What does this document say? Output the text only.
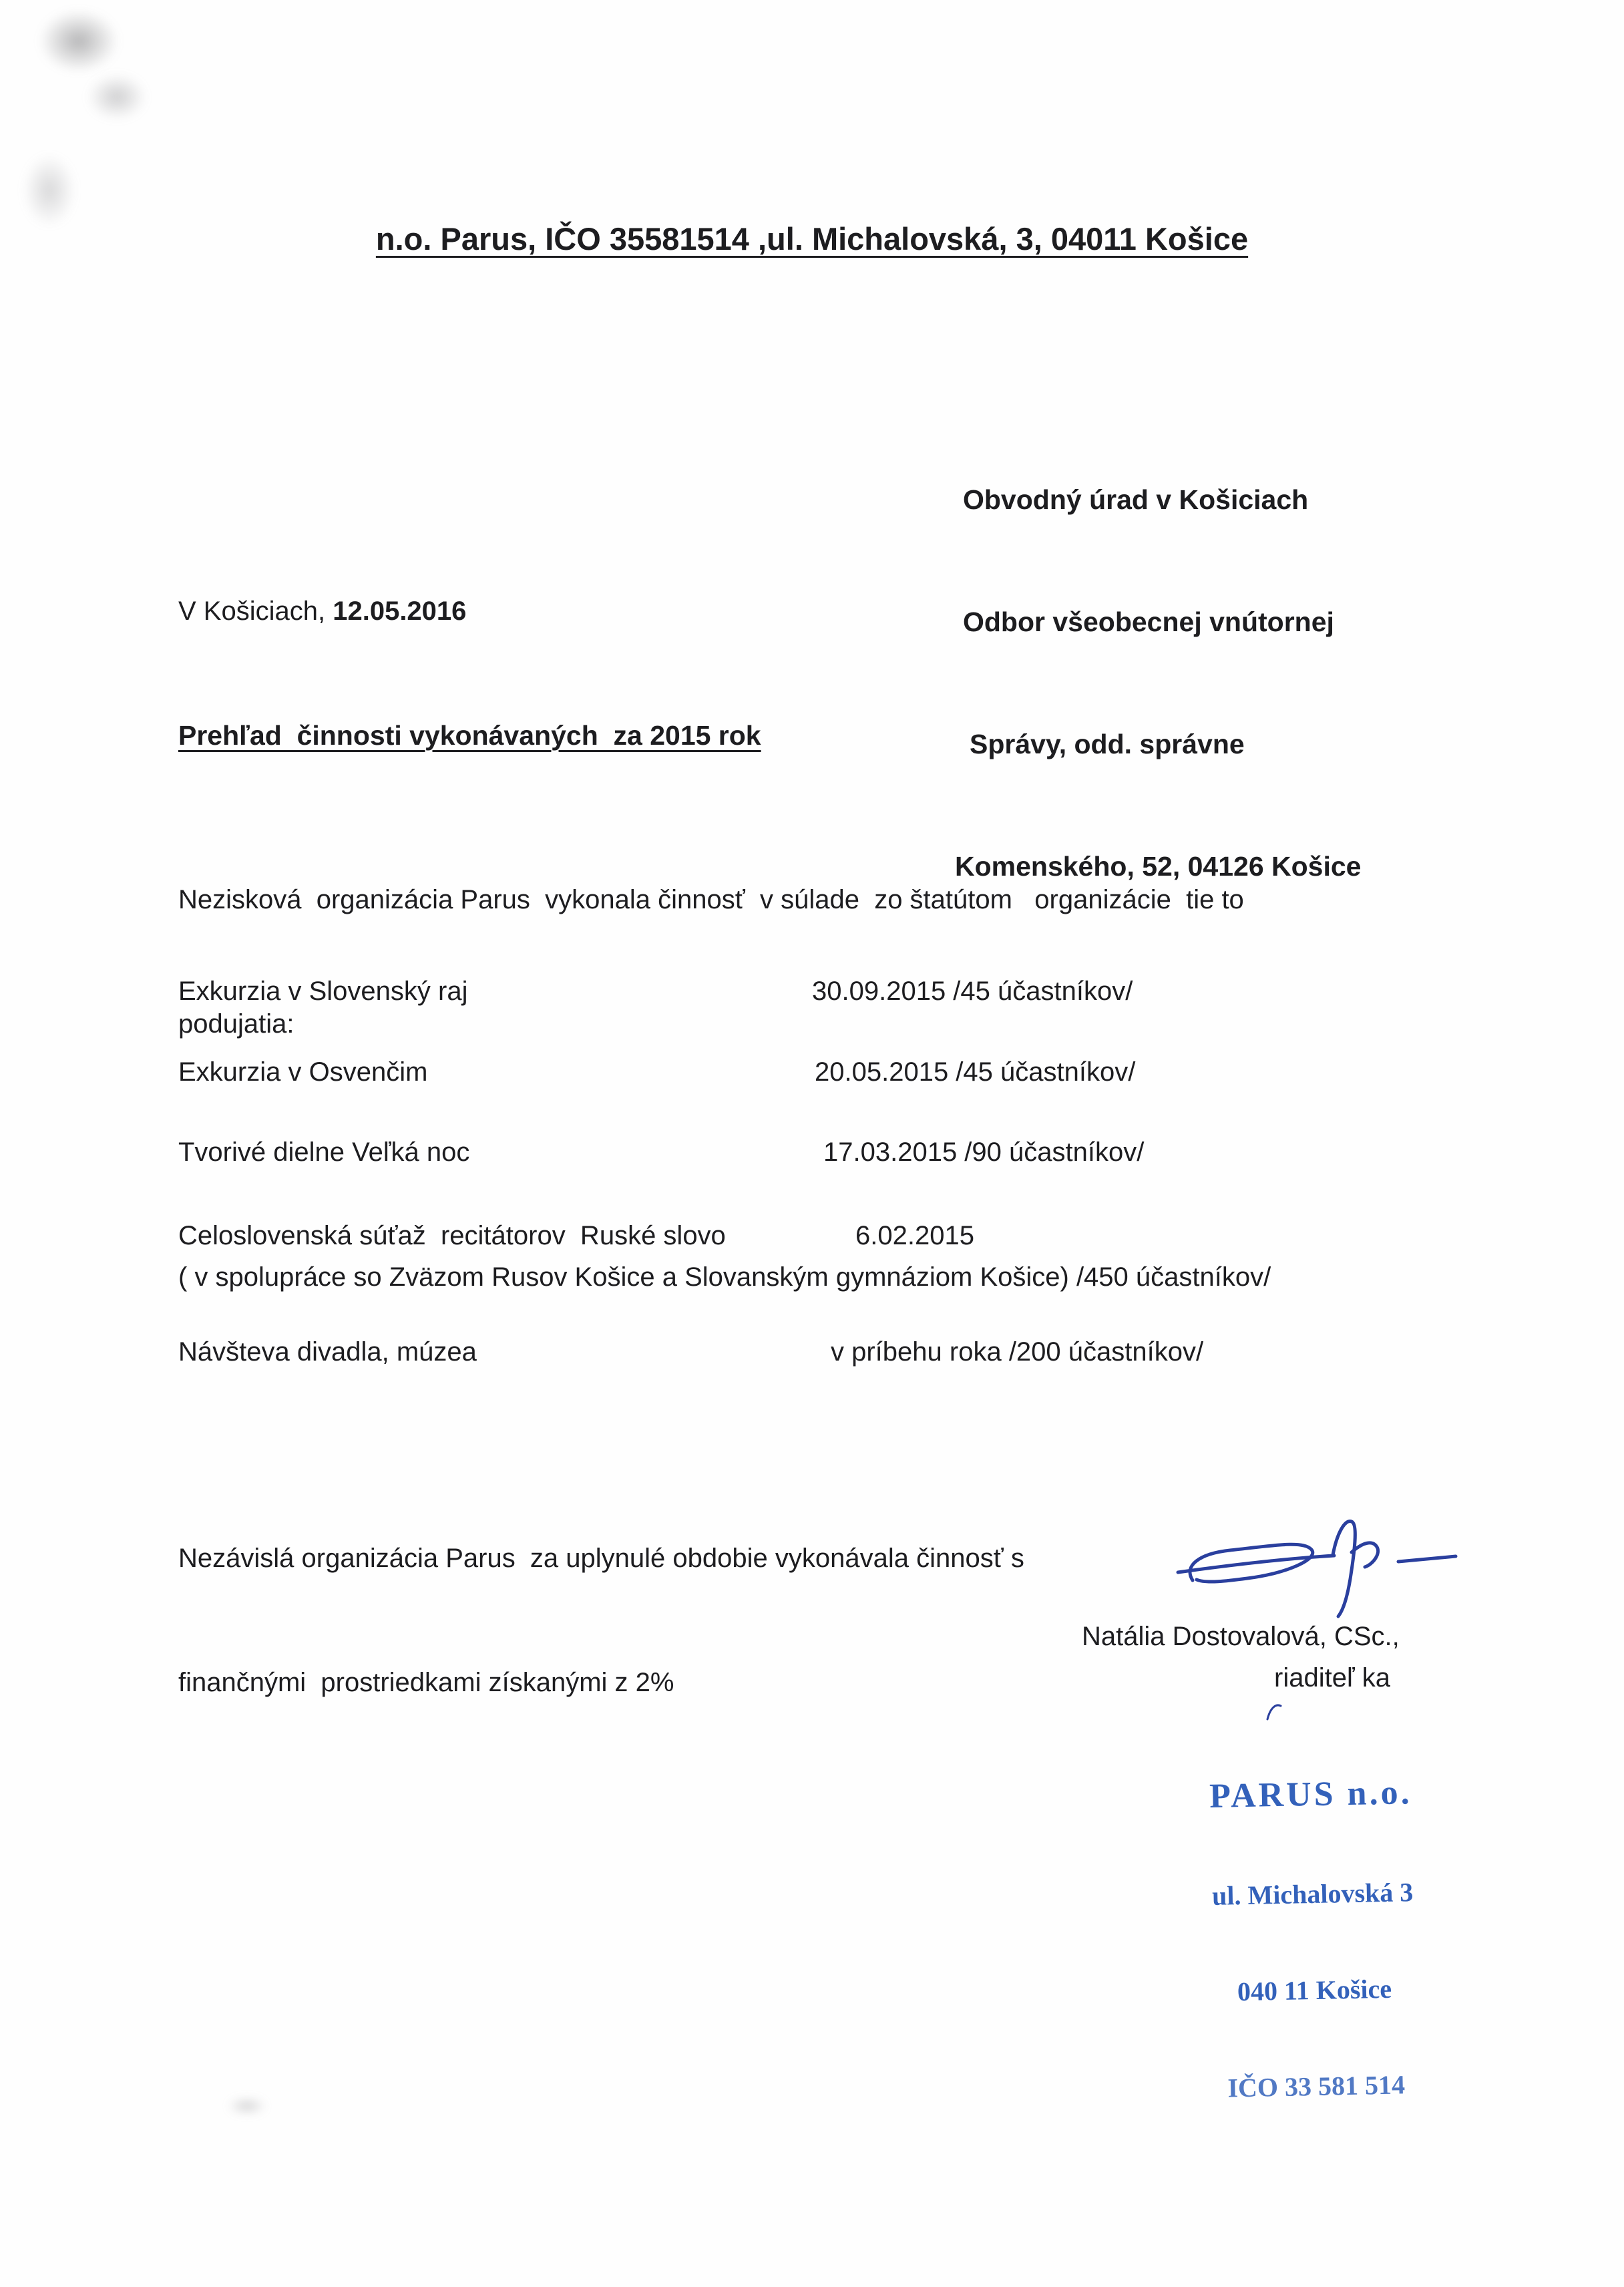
n.o. Parus, IČO 35581514 ,ul. Michalovská, 3, 04011 Košice

Obvodný úrad v Košiciach

Odbor všeobecnej vnútornej

Správy, odd. správne

Komenského, 52, 04126 Košice

V Košiciach, 12.05.2016

Prehľad  činnosti vykonávaných  za 2015 rok

Nezisková  organizácia Parus  vykonala činnosť  v súlade  zo štatútom   organizácie  tie to

podujatia:

Exkurzia v Slovenský raj	30.09.2015 /45 účastníkov/

Exkurzia v Osvenčim	20.05.2015 /45 účastníkov/

Tvorivé dielne Veľká noc	17.03.2015 /90 účastníkov/

Celoslovenská súťaž  recitátorov  Ruské slovo	6.02.2015

( v spolupráce so Zväzom Rusov Košice a Slovanským gymnáziom Košice) /450 účastníkov/

Návšteva divadla, múzea	v príbehu roka /200 účastníkov/

Nezávislá organizácia Parus  za uplynulé obdobie vykonávala činnosť s

finančnými  prostriedkami získanými z 2%

Natália Dostovalová, CSc.,

riaditeľ ka

PARUS n.o.

ul. Michalovská 3

040 11 Košice

IČO 33 581 514
